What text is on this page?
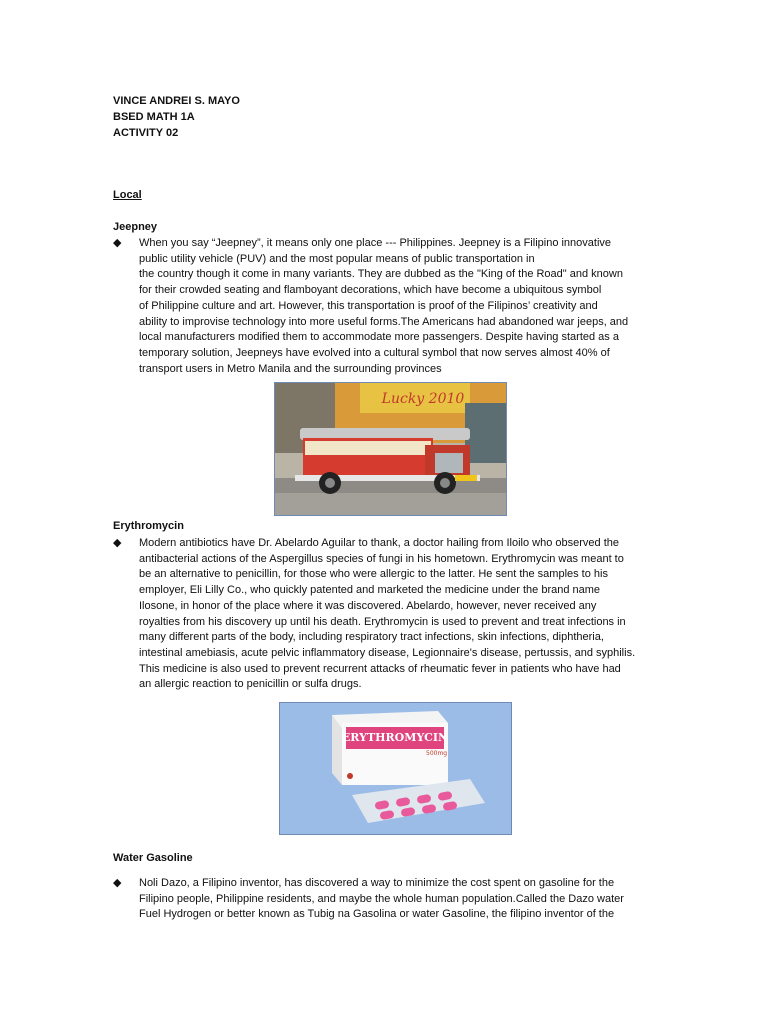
VINCE ANDREI S. MAYO
BSED MATH 1A
ACTIVITY 02
Local
Jeepney
◆ When you say “Jeepney”, it means only one place --- Philippines. Jeepney is a Filipino innovative
public utility vehicle (PUV) and the most popular means of public transportation in
the country though it come in many variants. They are dubbed as the "King of the Road" and known
for their crowded seating and flamboyant decorations, which have become a ubiquitous symbol
of Philippine culture and art. However, this transportation is proof of the Filipinos’ creativity and
ability to improvise technology into more useful forms.The Americans had abandoned war jeeps, and
local manufacturers modified them to accommodate more passengers. Despite having started as a
temporary solution, Jeepneys have evolved into a cultural symbol that now serves almost 40% of
transport users in Metro Manila and the surrounding provinces
Lucky 2010
Erythromycin
◆ Modern antibiotics have Dr. Abelardo Aguilar to thank, a doctor hailing from Iloilo who observed the
antibacterial actions of the Aspergillus species of fungi in his hometown. Erythromycin was meant to
be an alternative to penicillin, for those who were allergic to the latter. He sent the samples to his
employer, Eli Lilly Co., who quickly patented and marketed the medicine under the brand name
Ilosone, in honor of the place where it was discovered. Abelardo, however, never received any
royalties from his discovery up until his death. Erythromycin is used to prevent and treat infections in
many different parts of the body, including respiratory tract infections, skin infections, diphtheria,
intestinal amebiasis, acute pelvic inflammatory disease, Legionnaire's disease, pertussis, and syphilis.
This medicine is also used to prevent recurrent attacks of rheumatic fever in patients who have had
an allergic reaction to penicillin or sulfa drugs.
ERYTHROMYCIN
500mg
Water Gasoline
◆ Noli Dazo, a Filipino inventor, has discovered a way to minimize the cost spent on gasoline for the
Filipino people, Philippine residents, and maybe the whole human population.Called the Dazo water
Fuel Hydrogen or better known as Tubig na Gasolina or water Gasoline, the filipino inventor of the
